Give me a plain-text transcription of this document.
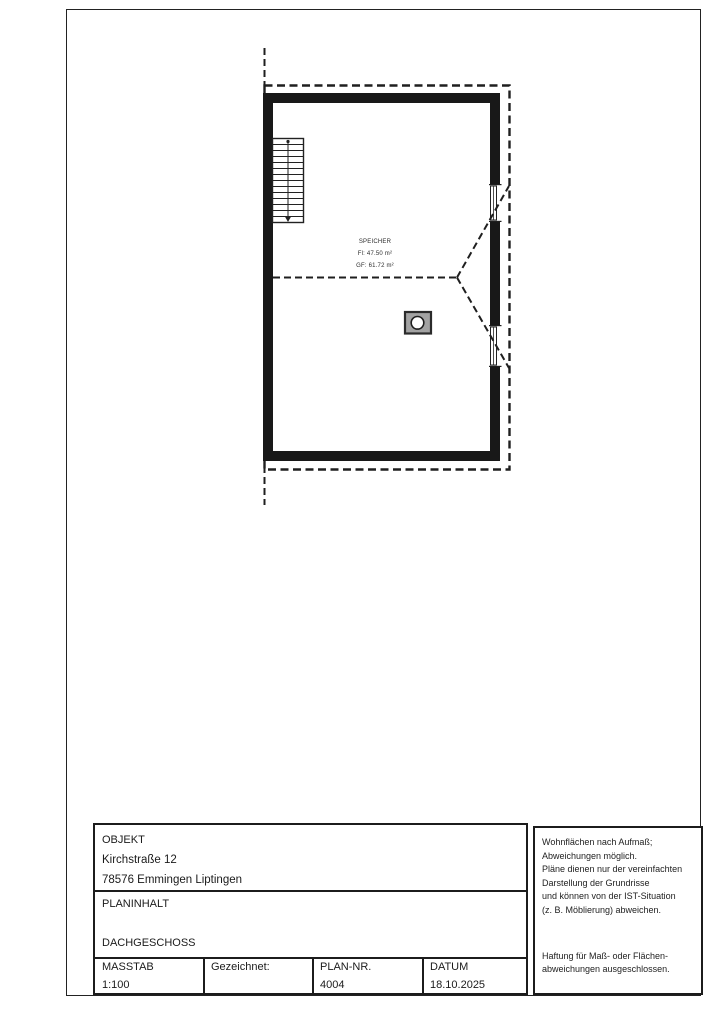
SPEICHER
Fl: 47.50 m²
GF: 61.72 m²
OBJEKT
Kirchstraße 12
78576 Emmingen Liptingen
PLANINHALT
DACHGESCHOSS
MASSTAB
1:100
Gezeichnet:	PLAN-NR.
4004
DATUM
18.10.2025
Wohnflächen nach Aufmaß;
Abweichungen möglich.
Pläne dienen nur der vereinfachten
Darstellung der Grundrisse
und können von der IST-Situation
(z. B. Möblierung) abweichen.
Haftung für Maß- oder Flächen-
abweichungen ausgeschlossen.
